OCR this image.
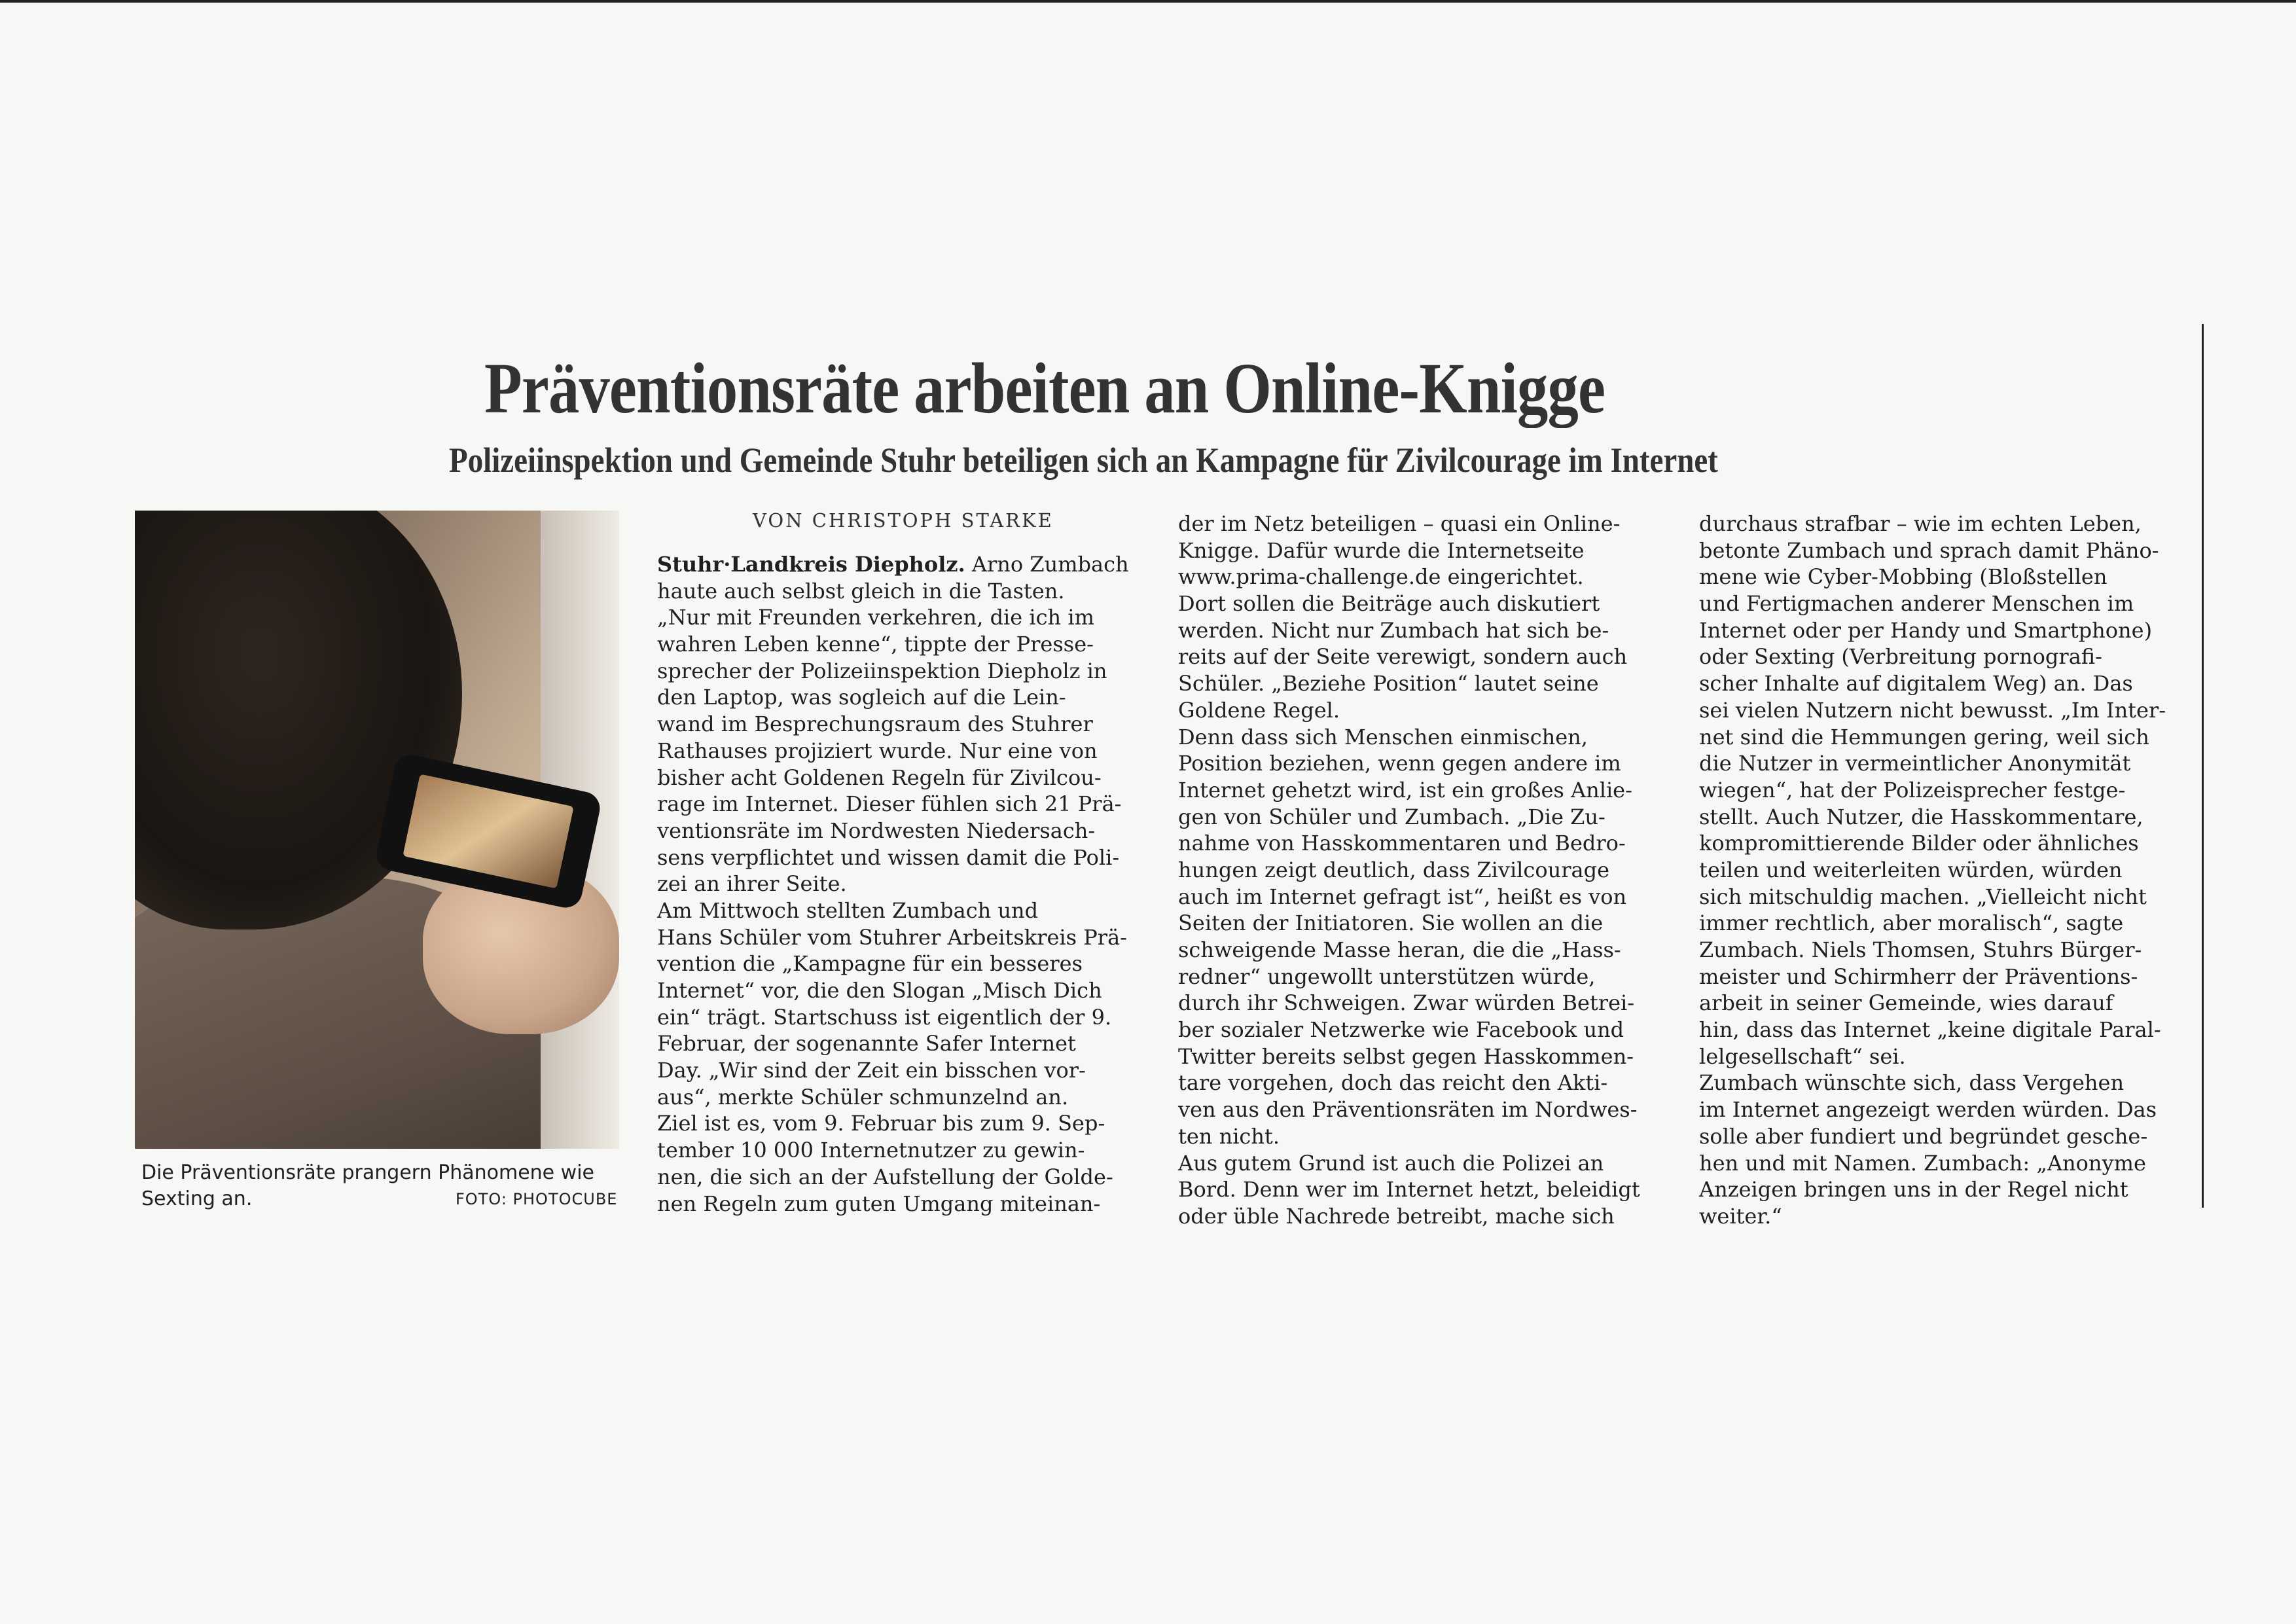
Präventionsräte arbeiten an Online-Knigge
Polizeiinspektion und Gemeinde Stuhr beteiligen sich an Kampagne für Zivilcourage im Internet
Die Präventionsräte prangern Phänomene wie Sexting an.	FOTO: PHOTOCUBE
VON CHRISTOPH STARKE
Stuhr·Landkreis Diepholz. Arno Zumbach
haute auch selbst gleich in die Tasten.
„Nur mit Freunden verkehren, die ich im
wahren Leben kenne“, tippte der Presse-
sprecher der Polizeiinspektion Diepholz in
den Laptop, was sogleich auf die Lein-
wand im Besprechungsraum des Stuhrer
Rathauses projiziert wurde. Nur eine von
bisher acht Goldenen Regeln für Zivilcou-
rage im Internet. Dieser fühlen sich 21 Prä-
ventionsräte im Nordwesten Niedersach-
sens verpflichtet und wissen damit die Poli-
zei an ihrer Seite.
Am Mittwoch stellten Zumbach und
Hans Schüler vom Stuhrer Arbeitskreis Prä-
vention die „Kampagne für ein besseres
Internet“ vor, die den Slogan „Misch Dich
ein“ trägt. Startschuss ist eigentlich der 9.
Februar, der sogenannte Safer Internet
Day. „Wir sind der Zeit ein bisschen vor-
aus“, merkte Schüler schmunzelnd an.
Ziel ist es, vom 9. Februar bis zum 9. Sep-
tember 10 000 Internetnutzer zu gewin-
nen, die sich an der Aufstellung der Golde-
nen Regeln zum guten Umgang miteinan-
der im Netz beteiligen – quasi ein Online-
Knigge. Dafür wurde die Internetseite
www.prima-challenge.de eingerichtet.
Dort sollen die Beiträge auch diskutiert
werden. Nicht nur Zumbach hat sich be-
reits auf der Seite verewigt, sondern auch
Schüler. „Beziehe Position“ lautet seine
Goldene Regel.
Denn dass sich Menschen einmischen,
Position beziehen, wenn gegen andere im
Internet gehetzt wird, ist ein großes Anlie-
gen von Schüler und Zumbach. „Die Zu-
nahme von Hasskommentaren und Bedro-
hungen zeigt deutlich, dass Zivilcourage
auch im Internet gefragt ist“, heißt es von
Seiten der Initiatoren. Sie wollen an die
schweigende Masse heran, die die „Hass-
redner“ ungewollt unterstützen würde,
durch ihr Schweigen. Zwar würden Betrei-
ber sozialer Netzwerke wie Facebook und
Twitter bereits selbst gegen Hasskommen-
tare vorgehen, doch das reicht den Akti-
ven aus den Präventionsräten im Nordwes-
ten nicht.
Aus gutem Grund ist auch die Polizei an
Bord. Denn wer im Internet hetzt, beleidigt
oder üble Nachrede betreibt, mache sich
durchaus strafbar – wie im echten Leben,
betonte Zumbach und sprach damit Phäno-
mene wie Cyber-Mobbing (Bloßstellen
und Fertigmachen anderer Menschen im
Internet oder per Handy und Smartphone)
oder Sexting (Verbreitung pornografi-
scher Inhalte auf digitalem Weg) an. Das
sei vielen Nutzern nicht bewusst. „Im Inter-
net sind die Hemmungen gering, weil sich
die Nutzer in vermeintlicher Anonymität
wiegen“, hat der Polizeisprecher festge-
stellt. Auch Nutzer, die Hasskommentare,
kompromittierende Bilder oder ähnliches
teilen und weiterleiten würden, würden
sich mitschuldig machen. „Vielleicht nicht
immer rechtlich, aber moralisch“, sagte
Zumbach. Niels Thomsen, Stuhrs Bürger-
meister und Schirmherr der Präventions-
arbeit in seiner Gemeinde, wies darauf
hin, dass das Internet „keine digitale Paral-
lelgesellschaft“ sei.
Zumbach wünschte sich, dass Vergehen
im Internet angezeigt werden würden. Das
solle aber fundiert und begründet gesche-
hen und mit Namen. Zumbach: „Anonyme
Anzeigen bringen uns in der Regel nicht
weiter.“
